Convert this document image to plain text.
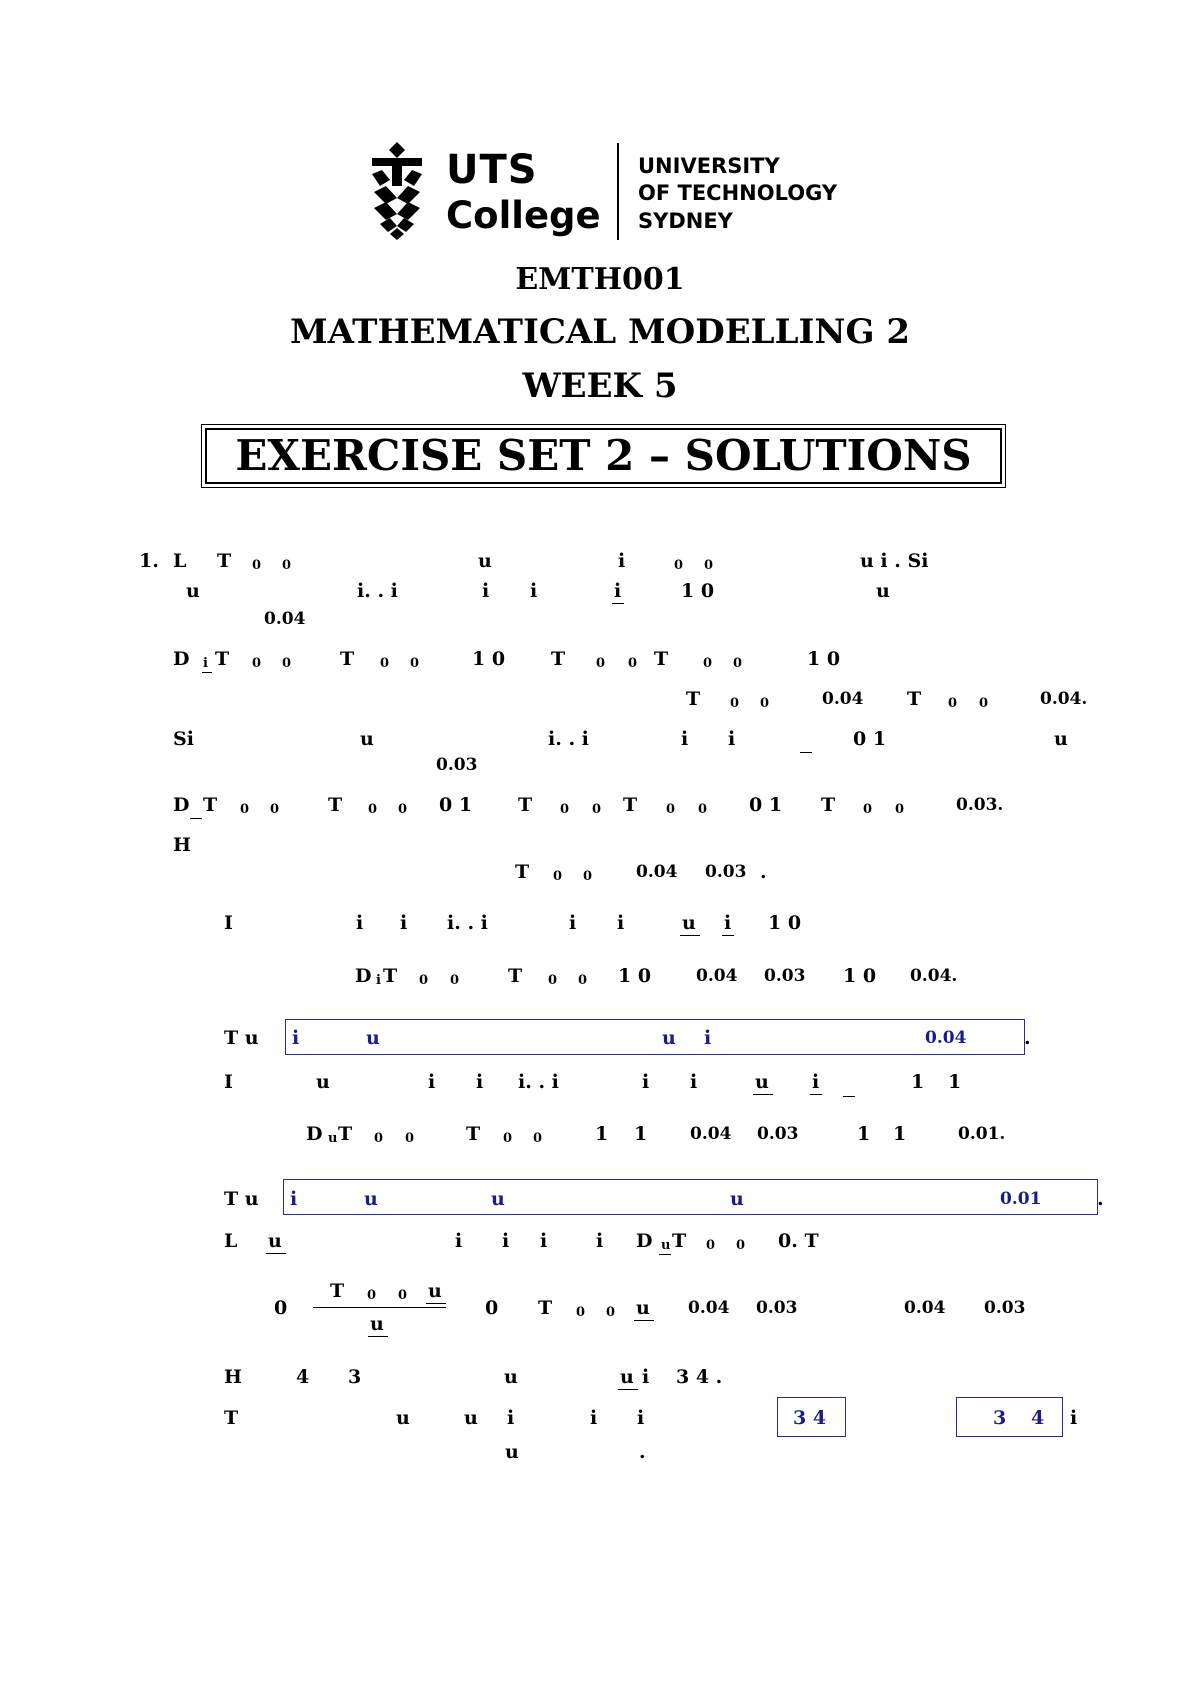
UTS
College
UNIVERSITY
OF TECHNOLOGY
SYDNEY
EMTH001
MATHEMATICAL MODELLING 2
WEEK 5
EXERCISE SET 2 – SOLUTIONS
1. L T 0 0	u	i	0 0	u i . Si
u	i. . i	i i	i	1 0	u
0.04
D i T 0 0	T 0 0	1 0 T 0 0 T	0 0	1 0
T 0 0	0.04 T 0 0	0.04.
Si	u	i. . i	i i	0 1	u
0.03
D T 0 0	T 0 0 0 1 T 0 0 T 0 0 0 1 T 0 0	0.03.
H
T 0 0	0.04 0.03 .
I	i i i. . i	i i	u i 1 0
D i T 0 0	T 0 0 1 0	0.04 0.03 1 0 0.04.
T u i	u	u i	0.04	.
I	u	i i i. . i	i i	u i	1 1
D u T 0 0	T 0 0	1 1	0.04 0.03	1 1	0.01.
T u i	u	u	u	0.01	.
L u	i i i	i D u T 0 0 0. T
0
T 0 0 u
u
0 T 0 0 u 0.04 0.03	0.04 0.03
H	4 3	u	u i 3 4 .
T	u	u i	i i	3 4	3 4 i
u	.
